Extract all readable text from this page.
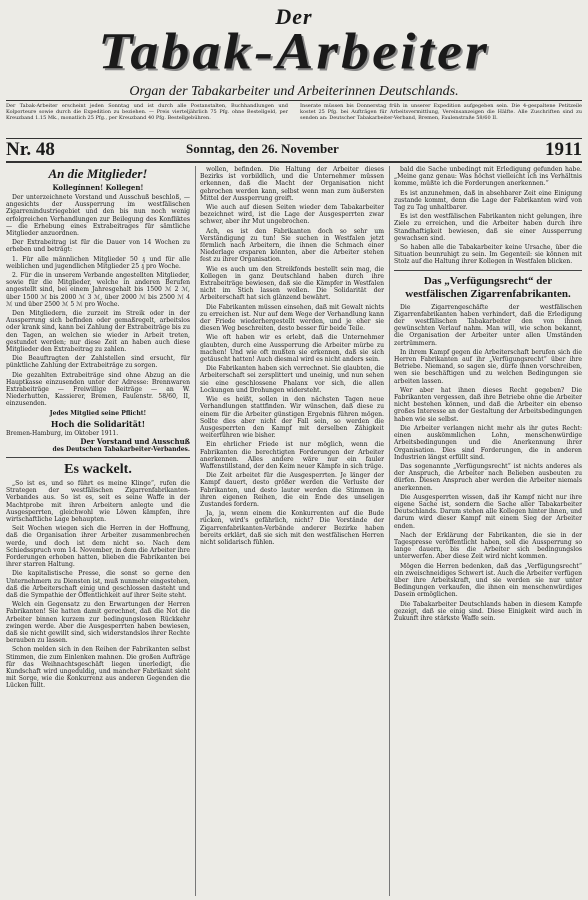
Der
Tabak-Arbeiter
Organ der Tabakarbeiter und Arbeiterinnen Deutschlands.
Der Tabak-Arbeiter erscheint jeden Sonntag und ist durch alle Postanstalten, Buchhandlungen und Kolporteure sowie durch die Expedition zu beziehen. — Preis vierteljährlich 75 Pfg. ohne Bestellgeld, per Kreuzband 1.15 Mk., monatlich 25 Pfg., per Kreuzband 40 Pfg. Bestellgebühren.
Inserate müssen bis Donnerstag früh in unserer Expedition aufgegeben sein. Die 4-gespaltene Petitzeile kostet 25 Pfg. bei Aufträgen für Arbeitsvermittlung, Vereinsanzeigen die Hälfte. Alle Zuschriften sind zu senden an: Deutscher Tabakarbeiter-Verband, Bremen, Faulenstraße 58/60 II.
Nr. 48	Sonntag, den 26. November	1911
An die Mitglieder!
Kollegínnen! Kollegen!

Der unterzeichnete Vorstand und Ausschuß beschloß, — angesichts der Aussperrung im westfälischen Zigarrenindustriegebiet und den bis nun noch wenig erfolgreichen Verhandlungen zur Beilegung des Konfliktes — die Erhebung eines Extrabeitrages für sämtliche Mitglieder anzuordnen.

Der Extrabeitrag ist für die Dauer von 14 Wochen zu erheben und beträgt:

1. Für alle männlichen Mitglieder 50 ₰ und für alle weiblichen und jugendlichen Mitglieder 25 ₰ pro Woche.

2. Für die in unserem Verbande angestellten Mitglieder, sowie für die Mitglieder, welche in anderen Berufen angestellt sind, bei einem Jahresgehalt bis 1500 ℳ 2 ℳ, über 1500 ℳ bis 2000 ℳ 3 ℳ, über 2000 ℳ bis 2500 ℳ 4 ℳ und über 2500 ℳ 5 ℳ pro Woche.

Den Mitgliedern, die zurzeit im Streik oder in der Aussperrung sich befinden oder gemaßregelt, arbeitslos oder krank sind, kann bei Zahlung der Extrabeiträge bis zu den Tagen, an welchen sie wieder in Arbeit treten, gestundet werden; nur diese Zeit an haben auch diese Mitglieder den Extrabeitrag zu zahlen.

Die Beauftragten der Zahlstellen sind ersucht, für pünktliche Zahlung der Extrabeiträge zu sorgen.

Die gezahlten Extrabeiträge sind ohne Abzug an die Hauptkasse einzusenden unter der Adresse: Brennwaren Extrabeiträge — Freiwillige Beiträge — an W. Niederhutten, Kassierer, Bremen, Faulenstr. 58/60, II, einzusenden.

Jedes Mitglied seine Pflicht!

Hoch die Solidarität!
Bremen-Hamburg, im Oktober 1911.
Der Vorstand und Ausschuß
des Deutschen Tabakarbeiter-Verbandes.
Es wackelt.

„So ist es, und so führt es meine Klinge“, rufen die Strategen der westfälischen Zigarrenfabrikanten-Verbandes aus. So ist es, seit es seine Waffe in der Machtprobe mit ihren Arbeitern anlegte und die Ausgesperrten, gleichwohl wie Löwen kämpfen, ihre wirtschaftliche Lage behaupten.

Seit Wochen wiegen sich die Herren in der Hoffnung, daß die Organisation ihrer Arbeiter zusammenbrechen werde, und doch ist dem nicht so. Nach dem Schiedsspruch vom 14. November, in dem die Arbeiter ihre Forderungen erhoben hatten, blieben die Fabrikanten bei ihrer starren Haltung.

Die kapitalistische Presse, die sonst so gerne den Unternehmern zu Diensten ist, muß nunmehr eingestehen, daß die Arbeiterschaft einig und geschlossen dasteht und daß die Sympathie der Öffentlichkeit auf ihrer Seite steht.

Welch ein Gegensatz zu den Erwartungen der Herren Fabrikanten! Sie hatten damit gerechnet, daß die Not die Arbeiter binnen kurzem zur bedingungslosen Rückkehr zwingen werde. Aber die Ausgesperrten haben bewiesen, daß sie nicht gewillt sind, sich widerstandslos ihrer Rechte berauben zu lassen.

Schon melden sich in den Reihen der Fabrikanten selbst Stimmen, die zum Einlenken mahnen. Die großen Aufträge für das Weihnachtsgeschäft liegen unerledigt, die Kundschaft wird ungeduldig, und mancher Fabrikant sieht mit Sorge, wie die Konkurrenz aus anderen Gegenden die Lücken füllt.

wollen, befinden. Die Haltung der Arbeiter dieses Bezirks ist vorbildlich, und die Unternehmer müssen erkennen, daß die Macht der Organisation nicht gebrochen werden kann, selbst wenn man zum äußersten Mittel der Aussperrung greift.

Wie auch auf diesen Seiten wieder dem Tabakarbeiter bezeichnet wird, ist die Lage der Ausgesperrten zwar schwer, aber ihr Mut ungebrochen.

Ach, es ist den Fabrikanten doch so sehr um Verständigung zu tun! Sie suchen in Westfalen jetzt förmlich nach Arbeitern, die ihnen die Schmach einer Niederlage ersparen könnten, aber die Arbeiter stehen fest zu ihrer Organisation.

Wie es auch um den Streikfonds bestellt sein mag, die Kollegen in ganz Deutschland haben durch ihre Extrabeiträge bewiesen, daß sie die Kämpfer in Westfalen nicht im Stich lassen wollen. Die Solidarität der Arbeiterschaft hat sich glänzend bewährt.

Die Fabrikanten müssen einsehen, daß mit Gewalt nichts zu erreichen ist. Nur auf dem Wege der Verhandlung kann der Friede wiederhergestellt werden, und je eher sie diesen Weg beschreiten, desto besser für beide Teile.

Wie oft haben wir es erlebt, daß die Unternehmer glaubten, durch eine Aussperrung die Arbeiter mürbe zu machen! Und wie oft mußten sie erkennen, daß sie sich getäuscht hatten! Auch diesmal wird es nicht anders sein.

Die Fabrikanten haben sich verrechnet. Sie glaubten, die Arbeiterschaft sei zersplittert und uneinig, und nun sehen sie eine geschlossene Phalanx vor sich, die allen Lockungen und Drohungen widersteht.

Wie es heißt, sollen in den nächsten Tagen neue Verhandlungen stattfinden. Wir wünschen, daß diese zu einem für die Arbeiter günstigen Ergebnis führen mögen. Sollte dies aber nicht der Fall sein, so werden die Ausgesperrten den Kampf mit derselben Zähigkeit weiterführen wie bisher.

Ein ehrlicher Friede ist nur möglich, wenn die Fabrikanten die berechtigten Forderungen der Arbeiter anerkennen. Alles andere wäre nur ein fauler Waffenstillstand, der den Keim neuer Kämpfe in sich trüge.

Die Zeit arbeitet für die Ausgesperrten. Je länger der Kampf dauert, desto größer werden die Verluste der Fabrikanten, und desto lauter werden die Stimmen in ihren eigenen Reihen, die ein Ende des unseligen Zustandes fordern.

Ja, ja, wenn einem die Konkurrenten auf die Bude rücken, wird's gefährlich, nicht? Die Vorstände der Zigarrenfabrikanten-Verbände anderer Bezirke haben bereits erklärt, daß sie sich mit den westfälischen Herren nicht solidarisch fühlen.

bald die Sache unbedingt mit Erledigung gefunden habe. „Meine ganz genau: Was höchst vielleicht ich ins Verhältnis komme, müßte ich die Forderungen anerkennen.“

Es ist anzunehmen, daß in absehbarer Zeit eine Einigung zustande kommt, denn die Lage der Fabrikanten wird von Tag zu Tag unhaltbarer.

Es ist den westfälischen Fabrikanten nicht gelungen, ihre Ziele zu erreichen, und die Arbeiter haben durch ihre Standhaftigkeit bewiesen, daß sie einer Aussperrung gewachsen sind.

So haben alle die Tabakarbeiter keine Ursache, über die Situation beunruhigt zu sein. Im Gegenteil: sie können mit Stolz auf die Haltung ihrer Kollegen in Westfalen blicken.

Das „Verfügungsrecht“ der westfälischen Zigarrenfabrikanten.

Die Zigarrengeschäfte der westfälischen Zigarrenfabrikanten haben verhindert, daß die Erledigung der westfälischen Tabakarbeiter den von ihnen gewünschten Verlauf nahm. Man will, wie schon bekannt, die Organisation der Arbeiter unter allen Umständen zertrümmern.

In ihrem Kampf gegen die Arbeiterschaft berufen sich die Herren Fabrikanten auf ihr „Verfügungsrecht“ über ihre Betriebe. Niemand, so sagen sie, dürfe ihnen vorschreiben, wen sie beschäftigen und zu welchen Bedingungen sie arbeiten lassen.

Wer aber hat ihnen dieses Recht gegeben? Die Fabrikanten vergessen, daß ihre Betriebe ohne die Arbeiter nicht bestehen können, und daß die Arbeiter ein ebenso großes Interesse an der Gestaltung der Arbeitsbedingungen haben wie sie selbst.

Die Arbeiter verlangen nicht mehr als ihr gutes Recht: einen auskömmlichen Lohn, menschenwürdige Arbeitsbedingungen und die Anerkennung ihrer Organisation. Dies sind Forderungen, die in anderen Industrien längst erfüllt sind.

Das sogenannte „Verfügungsrecht“ ist nichts anderes als der Anspruch, die Arbeiter nach Belieben ausbeuten zu dürfen. Diesen Anspruch aber werden die Arbeiter niemals anerkennen.

Die Ausgesperrten wissen, daß ihr Kampf nicht nur ihre eigene Sache ist, sondern die Sache aller Tabakarbeiter Deutschlands. Darum stehen alle Kollegen hinter ihnen, und darum wird dieser Kampf mit einem Sieg der Arbeiter enden.

Nach der Erklärung der Fabrikanten, die sie in der Tagespresse veröffentlicht haben, soll die Aussperrung so lange dauern, bis die Arbeiter sich bedingungslos unterwerfen. Aber diese Zeit wird nicht kommen.

Mögen die Herren bedenken, daß das „Verfügungsrecht“ ein zweischneidiges Schwert ist. Auch die Arbeiter verfügen über ihre Arbeitskraft, und sie werden sie nur unter Bedingungen verkaufen, die ihnen ein menschenwürdiges Dasein ermöglichen.

Die Tabakarbeiter Deutschlands haben in diesem Kampfe gezeigt, daß sie einig sind. Diese Einigkeit wird auch in Zukunft ihre stärkste Waffe sein.
